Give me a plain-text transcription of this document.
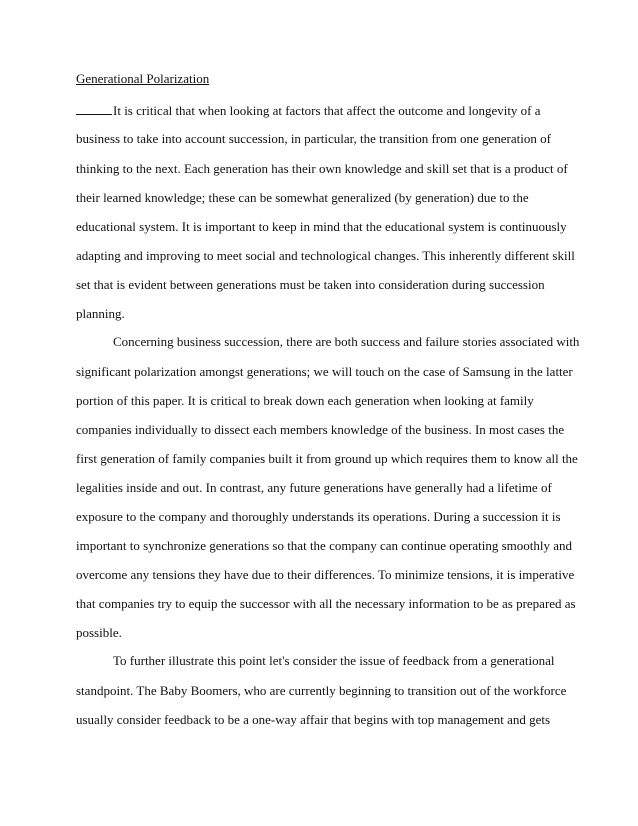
Generational Polarization
It is critical that when looking at factors that affect the outcome and longevity of a
business to take into account succession, in particular, the transition from one generation of
thinking to the next. Each generation has their own knowledge and skill set that is a product of
their learned knowledge; these can be somewhat generalized (by generation) due to the
educational system. It is important to keep in mind that the educational system is continuously
adapting and improving to meet social and technological changes. This inherently different skill
set that is evident between generations must be taken into consideration during succession
planning.
Concerning business succession, there are both success and failure stories associated with
significant polarization amongst generations; we will touch on the case of Samsung in the latter
portion of this paper. It is critical to break down each generation when looking at family
companies individually to dissect each members knowledge of the business. In most cases the
first generation of family companies built it from ground up which requires them to know all the
legalities inside and out. In contrast, any future generations have generally had a lifetime of
exposure to the company and thoroughly understands its operations. During a succession it is
important to synchronize generations so that the company can continue operating smoothly and
overcome any tensions they have due to their differences. To minimize tensions, it is imperative
that companies try to equip the successor with all the necessary information to be as prepared as
possible.
To further illustrate this point let's consider the issue of feedback from a generational
standpoint. The Baby Boomers, who are currently beginning to transition out of the workforce
usually consider feedback to be a one-way affair that begins with top management and gets
